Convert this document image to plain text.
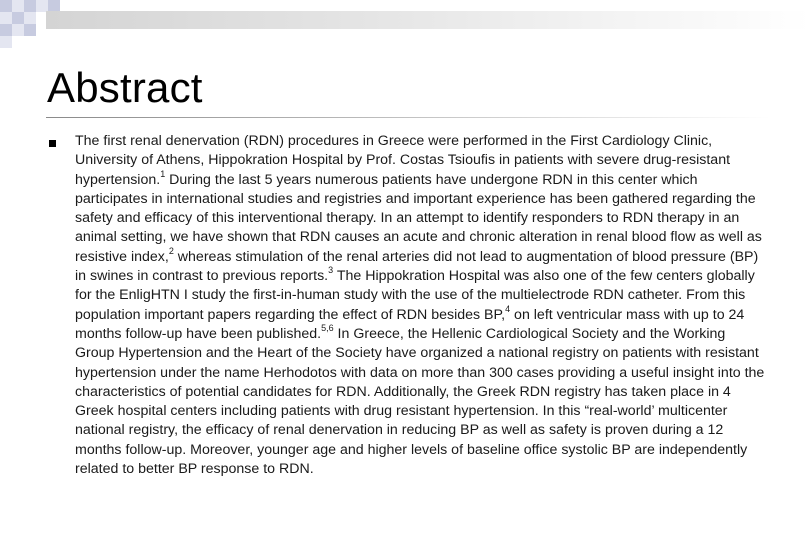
Abstract

The first renal denervation (RDN) procedures in Greece were performed in the First Cardiology Clinic, University of Athens, Hippokration Hospital by Prof. Costas Tsioufis in patients with severe drug-resistant hypertension.$^1$ During the last 5 years numerous patients have undergone RDN in this center which participates in international studies and registries and important experience has been gathered regarding the safety and efficacy of this interventional therapy. In an attempt to identify responders to RDN therapy in an animal setting, we have shown that RDN causes an acute and chronic alteration in renal blood flow as well as resistive index,$^2$ whereas stimulation of the renal arteries did not lead to augmentation of blood pressure (BP) in swines in contrast to previous reports.$^3$ The Hippokration Hospital was also one of the few centers globally for the EnligHTN I study the first-in-human study with the use of the multielectrode RDN catheter. From this population important papers regarding the effect of RDN besides BP,$^4$ on left ventricular mass with up to 24 months follow-up have been published.$^{5,6}$ In Greece, the Hellenic Cardiological Society and the Working Group Hypertension and the Heart of the Society have organized a national registry on patients with resistant hypertension under the name Herhodotos with data on more than 300 cases providing a useful insight into the characteristics of potential candidates for RDN. Additionally, the Greek RDN registry has taken place in 4 Greek hospital centers including patients with drug resistant hypertension. In this “real-world’ multicenter national registry, the efficacy of renal denervation in reducing BP as well as safety is proven during a 12 months follow-up. Moreover, younger age and higher levels of baseline office systolic BP are independently related to better BP response to RDN.
